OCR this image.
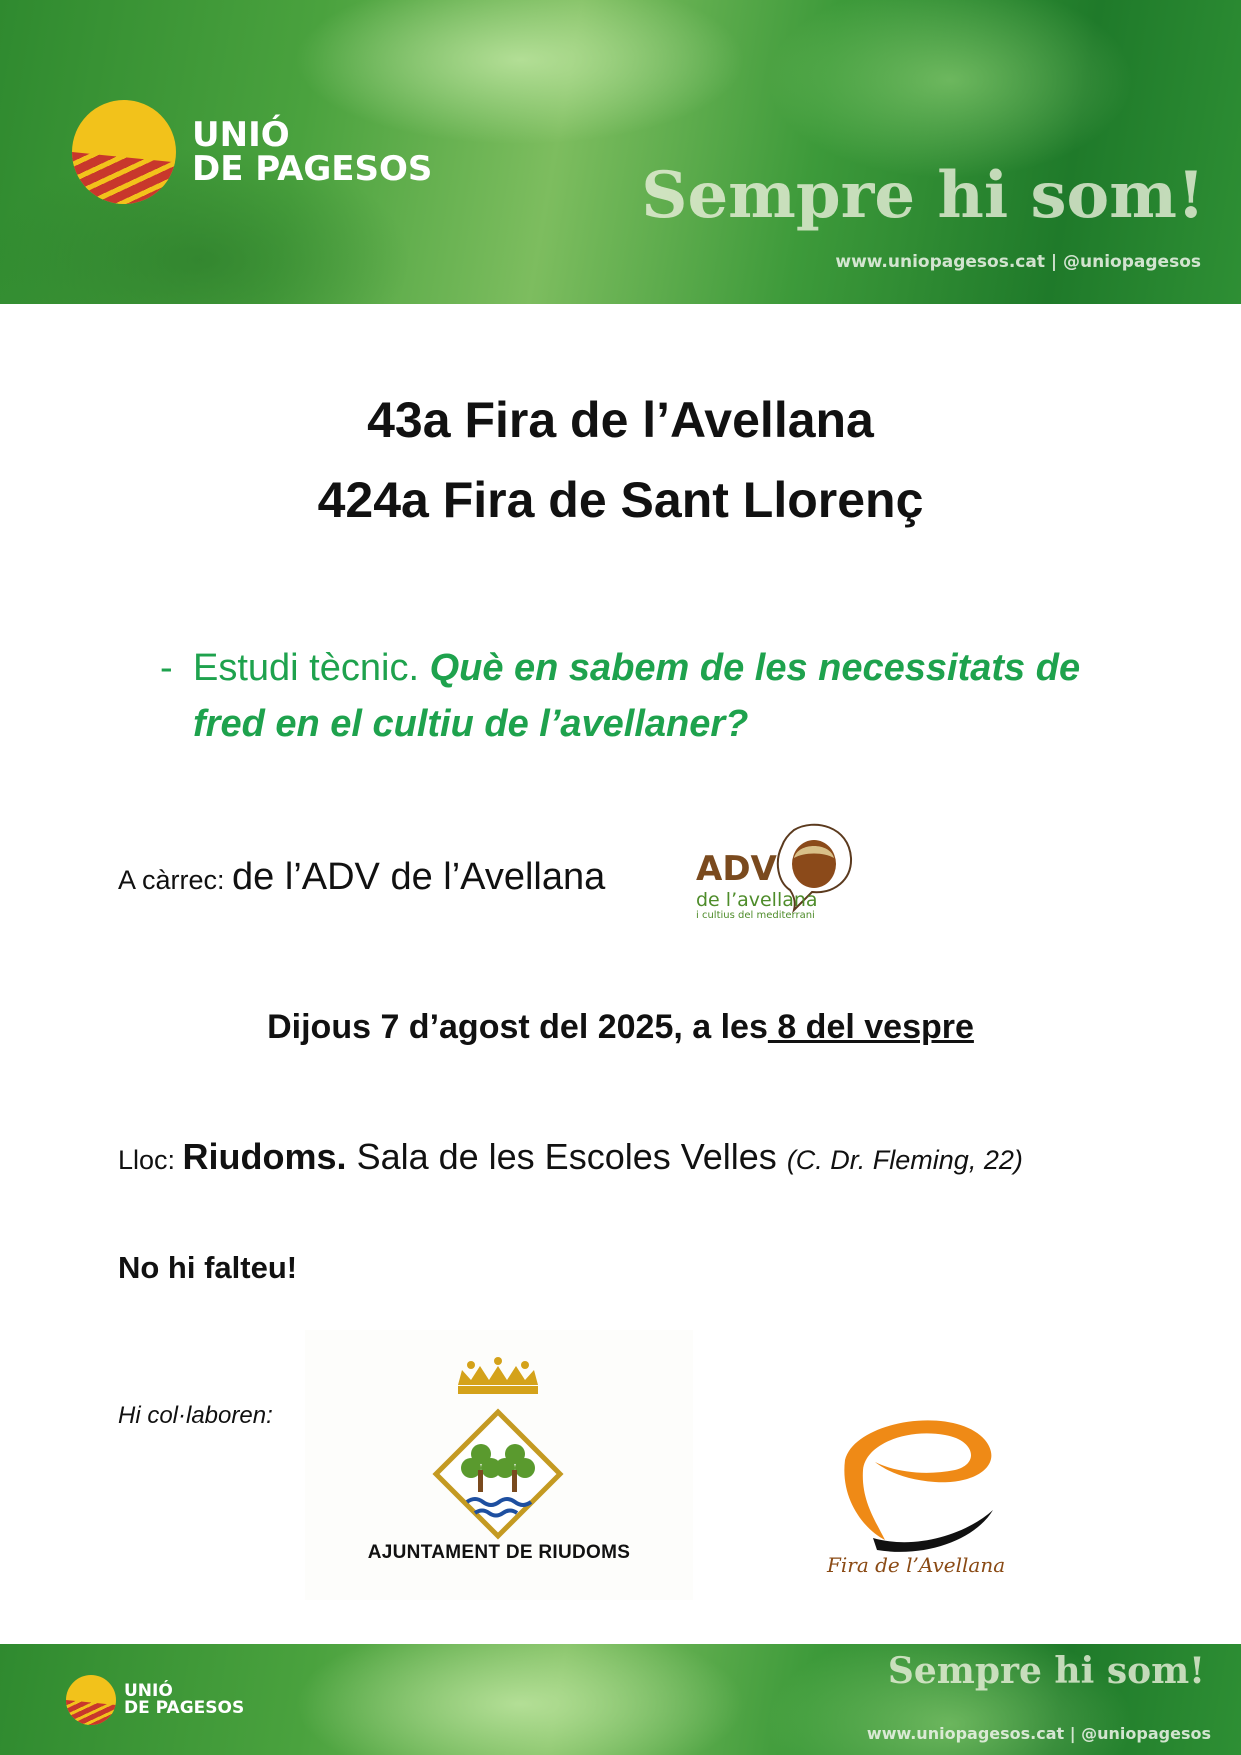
UNIÓ
DE PAGESOS	Sempre hi som!
www.uniopagesos.cat | @uniopagesos
43a Fira de l’Avellana
424a Fira de Sant Llorenç
- Estudi tècnic. Què en sabem de les necessitats de fred en el cultiu de l’avellaner?
A càrrec: de l’ADV de l’Avellana	ADV
de l’avellana
i cultius del mediterrani
Dijous 7 d’agost del 2025, a les 8 del vespre
Lloc: Riudoms. Sala de les Escoles Velles (C. Dr. Fleming, 22)
No hi falteu!
Hi col·laboren:
AJUNTAMENT DE RIUDOMS
Fira de l’Avellana
UNIÓ
DE PAGESOS
Sempre hi som!
www.uniopagesos.cat | @uniopagesos
